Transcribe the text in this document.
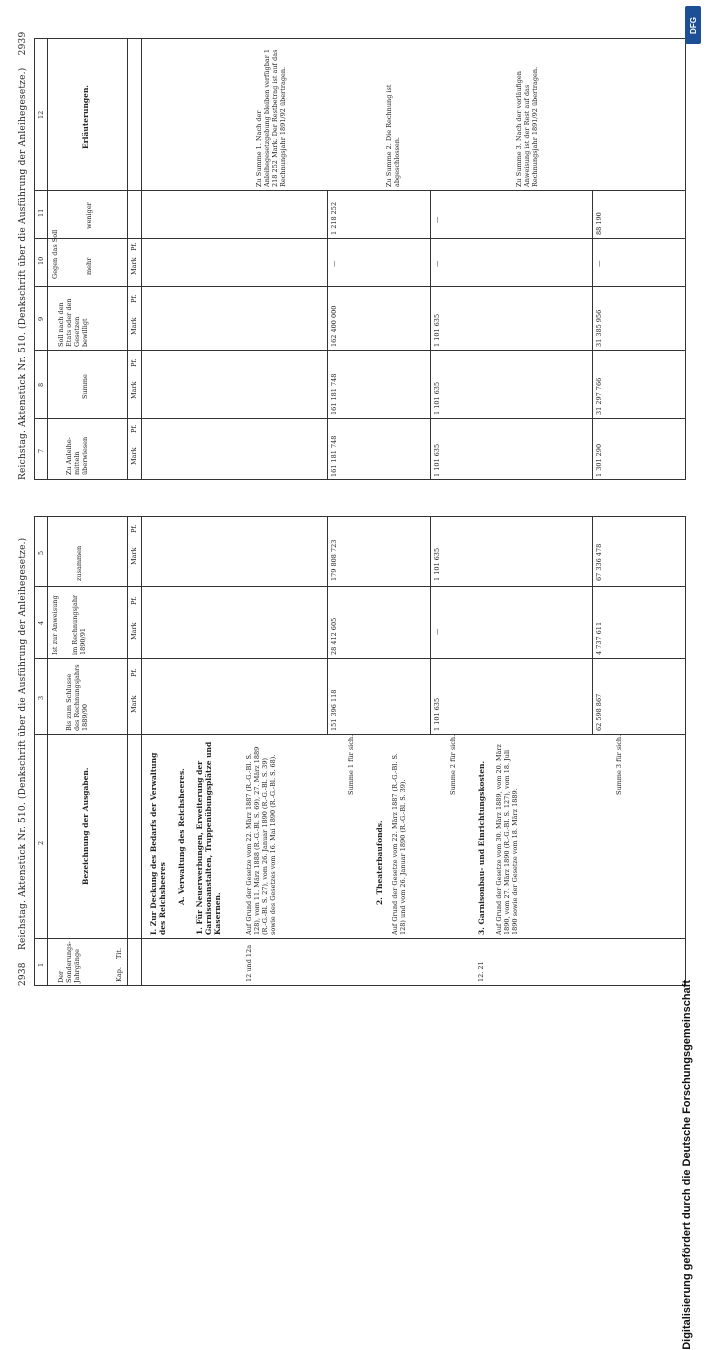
2938    Reichstag. Aktenstück Nr. 510. (Denkschrift über die Ausführung der Anleihegesetze.)
1
2
3
4
5
Der Sonderungs- Jahrgänge	Kap.
Tit.
Bezeichnung der Ausgaben.
Bis zum Schlusse des Rechnungsjahrs 1889/90
Ist zur Anweisung im Rechnungsjahr 1890/91
zusammen
Mark
Pf.
Mark
Pf.
Mark
Pf.
I. Zur Deckung des Bedarfs der Verwaltung des Reichsheeres A. Verwaltung des Reichsheeres. 1. Für Neuerwerbungen, Erweiterung der Garnisonanstalten, Truppenübungsplätze und Kasernen.
12 und 12a
Auf Grund der Gesetze vom 22. März 1887 (R.-G.-Bl. S. 128), vom 11. März 1888 (R.-G.-Bl. S. 69), 27. März 1889 (R.-G.-Bl. S. 27), vom 26. Januar 1890 (R.-G.-Bl. S. 39) sowie des Gesetzes vom 16. Mai 1890 (R.-G.-Bl. S. 68).
151 396 118
28 412 605
179 808 723
Summe 1 für sich.
2. Theaterbaufonds. Auf Grund der Gesetze vom 22. März 1887 (R.-G.-Bl. S. 128) und vom 26. Januar 1890 (R.-G.-Bl. S. 39).
1 101 635
—
1 101 635
Summe 2 für sich.
12. 21
3. Garnisonbau- und Einrichtungskosten. Auf Grund der Gesetze vom 30. März 1889, vom 20. März 1890, vom 27. März 1890 (R.-G.-Bl. S. 127), vom 18. Juli 1890 sowie der Gesetze vom 18. März 1889.
62 598 867
4 737 611
67 336 478
Summe 3 für sich.
Reichstag. Aktenstück Nr. 510. (Denkschrift über die Ausführung der Anleihegesetze.)    2939
7
8
9
10
11
12
Zu Anleihe- mitteln überwiesen
Summe
Soll nach den Etats oder den Gesetzen bewilligt
Gegen das Soll	mehr
weniger
Erläuterungen.
Mark
Pf.
Mark
Pf.
Mark
Pf.
Mark
Pf.
161 181 748
161 181 748
162 400 000
—
1 218 252
Zu Summe 1. Nach der Anleihegesetzgebung bleiben verfügbar 1 218 252 Mark. Der Restbetrag ist auf das Rechnungsjahr 1891/92 übertragen.
1 101 635
1 101 635
1 101 635
—
—
Zu Summe 2. Die Rechnung ist abgeschlossen.
1 301 290
31 297 766
31 385 956
—
88 190
Zu Summe 3. Nach der vorläufigen Anweisung ist der Rest auf das Rechnungsjahr 1891/92 übertragen.
DFG
Digitalisierung gefördert durch die Deutsche Forschungsgemeinschaft
